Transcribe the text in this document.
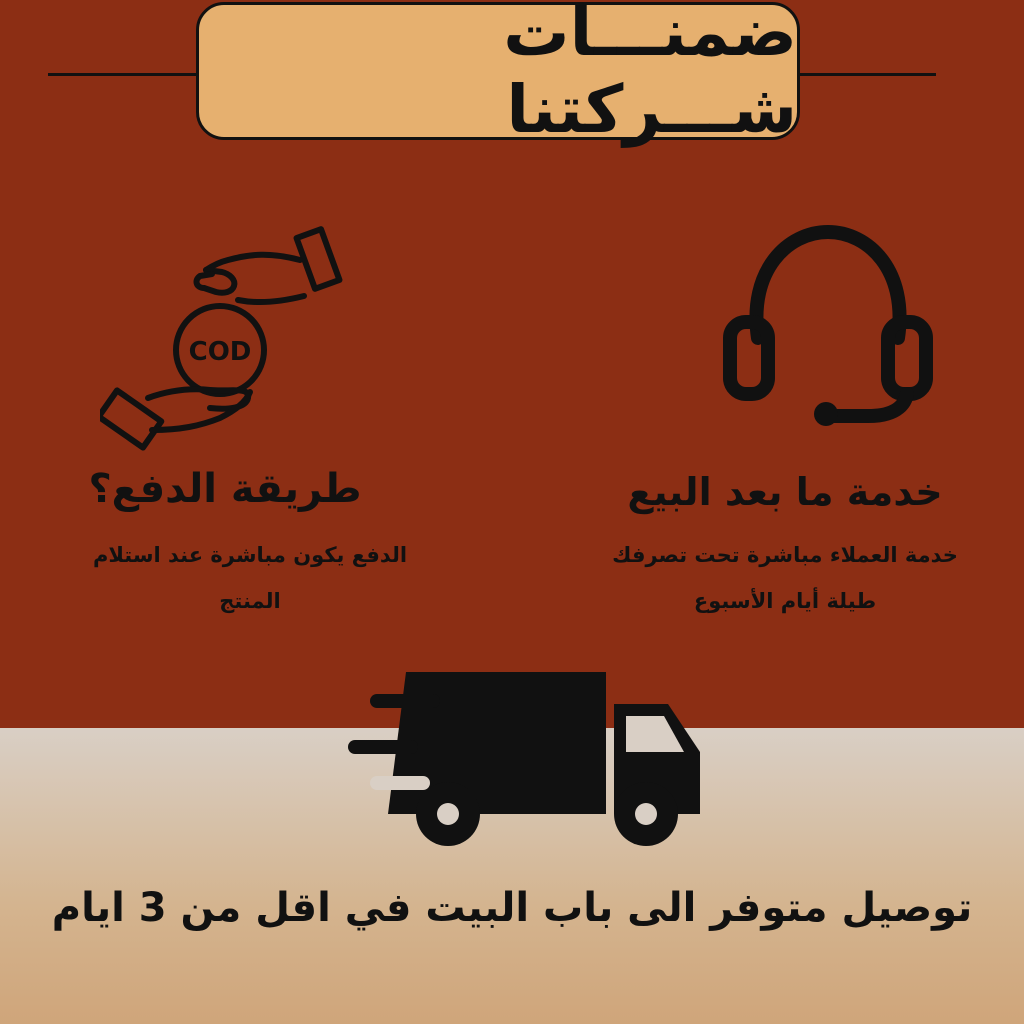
ضمنـــات شـــركتنا
COD
طريقة الدفع؟
الدفع يكون مباشرة عند استلام
المنتج
خدمة ما بعد البيع
خدمة العملاء مباشرة تحت تصرفك
طيلة أيام الأسبوع
توصيل متوفر الى باب البيت في اقل من 3 ايام
